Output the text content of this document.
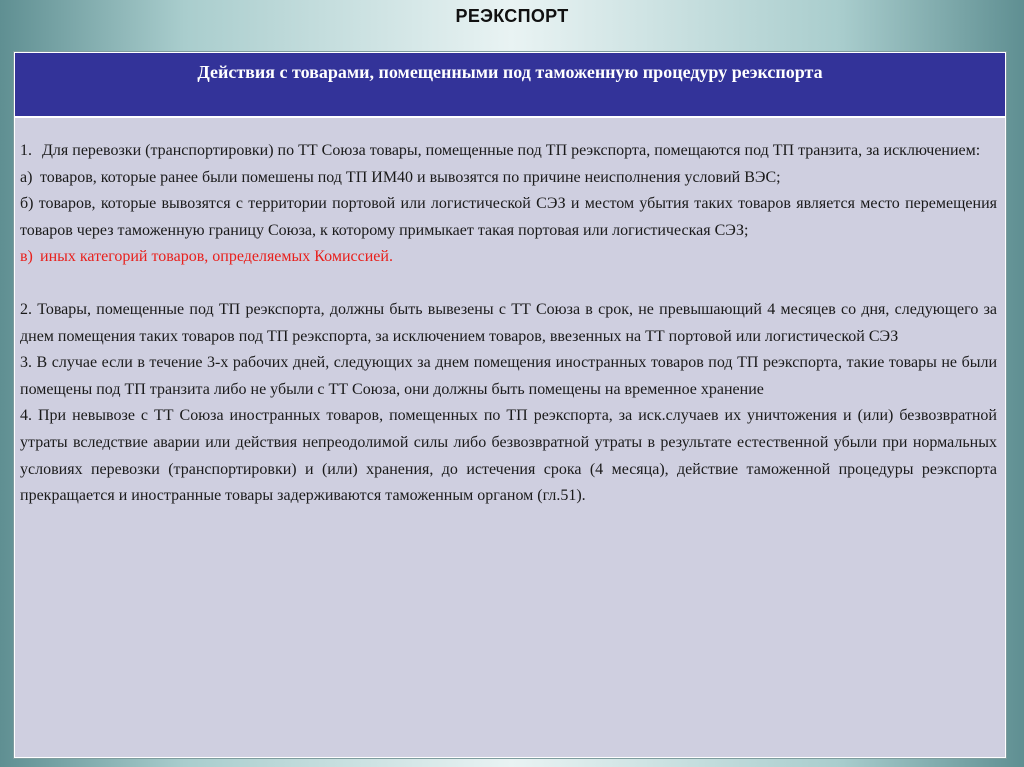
РЕЭКСПОРТ
Действия с товарами, помещенными под таможенную процедуру реэкспорта
1. Для перевозки (транспортировки) по ТТ Союза товары, помещенные под ТП реэкспорта, помещаются под ТП транзита, за исключением:
а) товаров, которые ранее были помешены под ТП ИМ40 и вывозятся по причине неисполнения условий ВЭС;

б) товаров, которые вывозятся с территории портовой или логистической СЭЗ и местом убытия таких товаров является место перемещения товаров через таможенную границу Союза, к которому примыкает такая портовая или логистическая СЭЗ;

в) иных категорий товаров, определяемых Комиссией.

2. Товары, помещенные под ТП реэкспорта, должны быть вывезены с ТТ Союза в срок, не превышающий 4 месяцев со дня, следующего за днем помещения таких товаров под ТП реэкспорта, за исключением товаров, ввезенных на ТТ портовой или логистической СЭЗ

3. В случае если в течение 3-х рабочих дней, следующих за днем помещения иностранных товаров под ТП реэкспорта, такие товары не были помещены под ТП транзита либо не убыли с ТТ Союза, они должны быть помещены на временное хранение

4. При невывозе с ТТ Союза иностранных товаров, помещенных по ТП реэкспорта, за иск.случаев их уничтожения и (или) безвозвратной утраты вследствие аварии или действия непреодолимой силы либо безвозвратной утраты в результате естественной убыли при нормальных условиях перевозки (транспортировки) и (или) хранения, до истечения срока (4 месяца), действие таможенной процедуры реэкспорта прекращается и иностранные товары задерживаются таможенным органом (гл.51).
